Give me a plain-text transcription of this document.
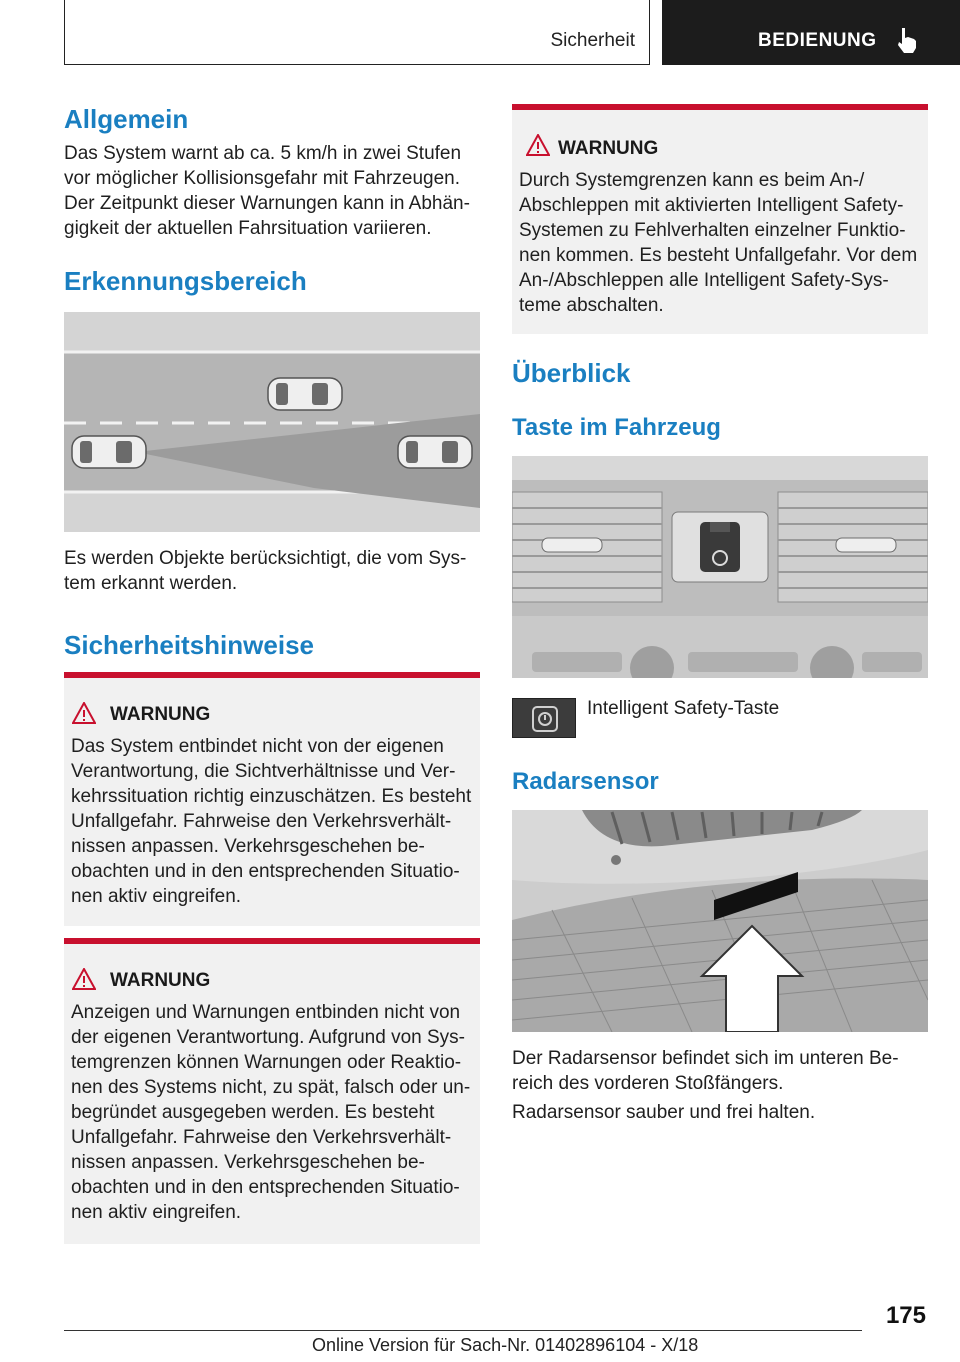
Sicherheit	BEDIENUNG
Allgemein

Das System warnt ab ca. 5 km/h in zwei Stufen

vor möglicher Kollisionsgefahr mit Fahrzeugen.

Der Zeitpunkt dieser Warnungen kann in Abhän-

gigkeit der aktuellen Fahrsituation variieren.

Erkennungsbereich

Es werden Objekte berücksichtigt, die vom Sys-

tem erkannt werden.

Sicherheitshinweise
WARNUNG
Das System entbindet nicht von der eigenen
Verantwortung, die Sichtverhältnisse und Ver-
kehrssituation richtig einzuschätzen. Es besteht
Unfallgefahr. Fahrweise den Verkehrsverhält-
nissen anpassen. Verkehrsgeschehen be-
obachten und in den entsprechenden Situatio-
nen aktiv eingreifen.
WARNUNG
Anzeigen und Warnungen entbinden nicht von
der eigenen Verantwortung. Aufgrund von Sys-
temgrenzen können Warnungen oder Reaktio-
nen des Systems nicht, zu spät, falsch oder un-
begründet ausgegeben werden. Es besteht
Unfallgefahr. Fahrweise den Verkehrsverhält-
nissen anpassen. Verkehrsgeschehen be-
obachten und in den entsprechenden Situatio-
nen aktiv eingreifen.
WARNUNG
Durch Systemgrenzen kann es beim An-/
Abschleppen mit aktivierten Intelligent Safety-
Systemen zu Fehlverhalten einzelner Funktio-
nen kommen. Es besteht Unfallgefahr. Vor dem
An-/Abschleppen alle Intelligent Safety-Sys-
teme abschalten.
Überblick
Taste im Fahrzeug

Intelligent Safety-Taste

Radarsensor

Der Radarsensor befindet sich im unteren Be-

reich des vorderen Stoßfängers.

Radarsensor sauber und frei halten.

175
Online Version für Sach-Nr. 01402896104 - X/18
